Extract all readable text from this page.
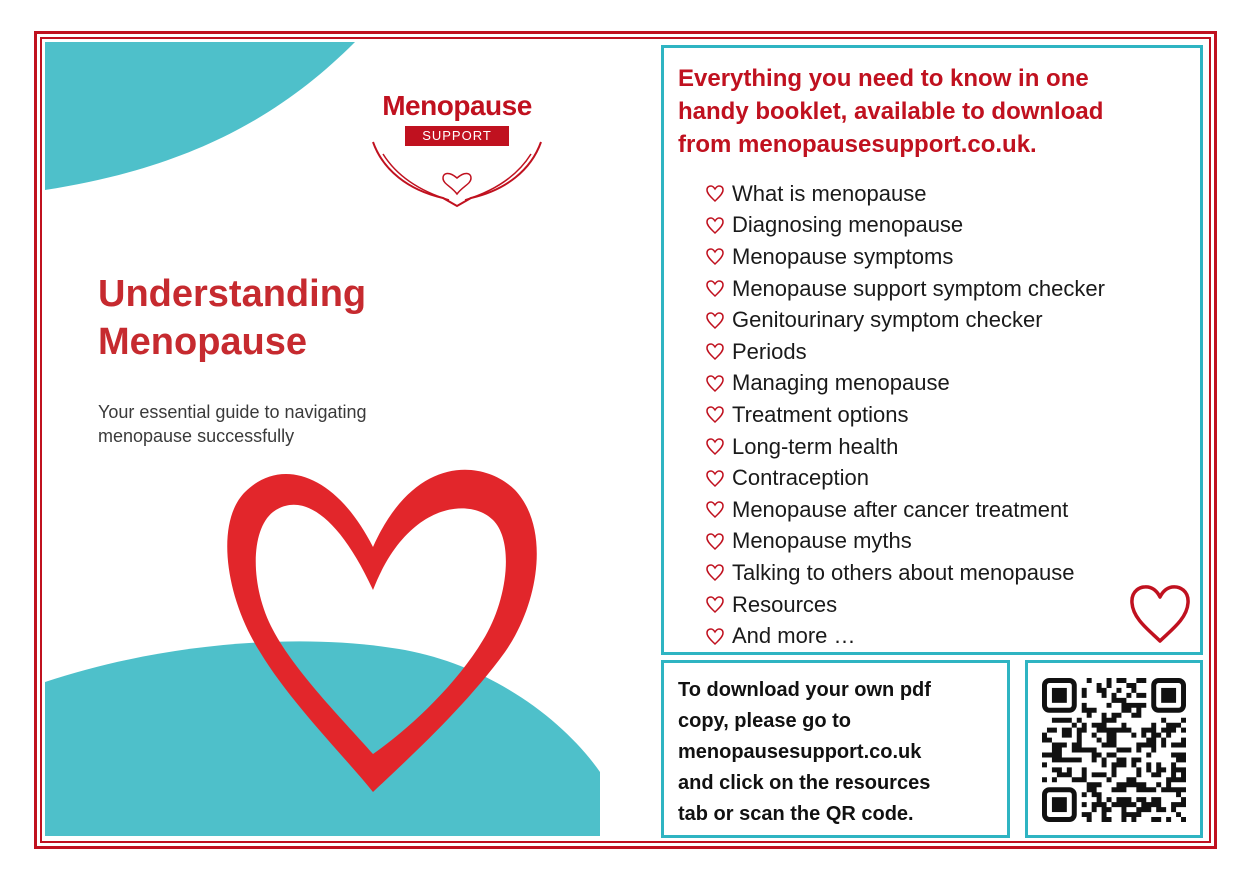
Menopause
SUPPORT
Understanding
Menopause
Your essential guide to navigating
menopause successfully
Everything you need to know in one
handy booklet, available to download
from menopausesupport.co.uk.
What is menopause
Diagnosing menopause
Menopause symptoms
Menopause support symptom checker
Genitourinary symptom checker
Periods
Managing menopause
Treatment options
Long-term health
Contraception
Menopause after cancer treatment
Menopause myths
Talking to others about menopause
Resources
And more …
To download your own pdf
copy, please go to
menopausesupport.co.uk
and click on the resources
tab or scan the QR code.
